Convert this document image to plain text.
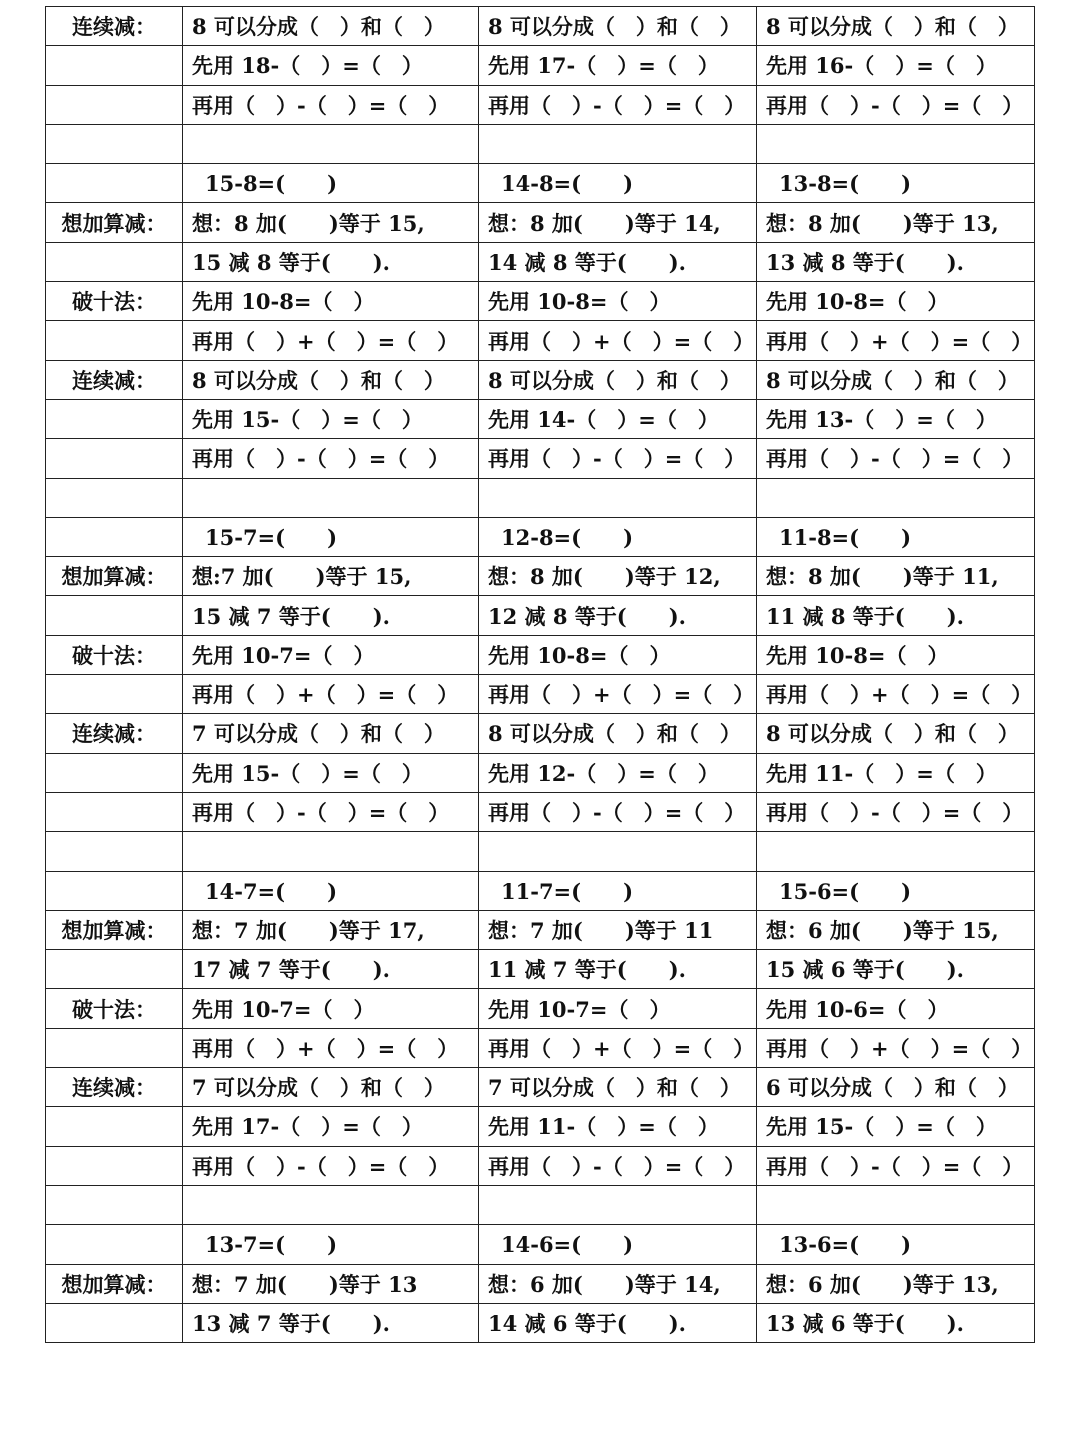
连续减：	8 可以分成（　）和（　）	8 可以分成（　）和（　）	8 可以分成（　）和（　）
	先用 18-（　）=（　）	先用 17-（　）=（　）	先用 16-（　）=（　）
	再用（　）-（　）=（　）	再用（　）-（　）=（　）	再用（　）-（　）=（　）

	15-8=(　　)	14-8=(　　)	13-8=(　　)
想加算减：	想：8 加(　　)等于 15,	想：8 加(　　)等于 14,	想：8 加(　　)等于 13,
	15 减 8 等于(　　).	14 减 8 等于(　　).	13 减 8 等于(　　).
破十法：	先用 10-8=（　）	先用 10-8=（　）	先用 10-8=（　）
	再用（　）+（　）=（　）	再用（　）+（　）=（　）	再用（　）+（　）=（　）
连续减：	8 可以分成（　）和（　）	8 可以分成（　）和（　）	8 可以分成（　）和（　）
	先用 15-（　）=（　）	先用 14-（　）=（　）	先用 13-（　）=（　）
	再用（　）-（　）=（　）	再用（　）-（　）=（　）	再用（　）-（　）=（　）

	15-7=(　　)	12-8=(　　)	11-8=(　　)
想加算减：	想:7 加(　　)等于 15,	想：8 加(　　)等于 12,	想：8 加(　　)等于 11,
	15 减 7 等于(　　).	12 减 8 等于(　　).	11 减 8 等于(　　).
破十法：	先用 10-7=（　）	先用 10-8=（　）	先用 10-8=（　）
	再用（　）+（　）=（　）	再用（　）+（　）=（　）	再用（　）+（　）=（　）
连续减：	7 可以分成（　）和（　）	8 可以分成（　）和（　）	8 可以分成（　）和（　）
	先用 15-（　）=（　）	先用 12-（　）=（　）	先用 11-（　）=（　）
	再用（　）-（　）=（　）	再用（　）-（　）=（　）	再用（　）-（　）=（　）

	14-7=(　　)	11-7=(　　)	15-6=(　　)
想加算减：	想：7 加(　　)等于 17,	想：7 加(　　)等于 11	想：6 加(　　)等于 15,
	17 减 7 等于(　　).	11 减 7 等于(　　).	15 减 6 等于(　　).
破十法：	先用 10-7=（　）	先用 10-7=（　）	先用 10-6=（　）
	再用（　）+（　）=（　）	再用（　）+（　）=（　）	再用（　）+（　）=（　）
连续减：	7 可以分成（　）和（　）	7 可以分成（　）和（　）	6 可以分成（　）和（　）
	先用 17-（　）=（　）	先用 11-（　）=（　）	先用 15-（　）=（　）
	再用（　）-（　）=（　）	再用（　）-（　）=（　）	再用（　）-（　）=（　）

	13-7=(　　)	14-6=(　　)	13-6=(　　)
想加算减：	想：7 加(　　)等于 13	想：6 加(　　)等于 14,	想：6 加(　　)等于 13,
	13 减 7 等于(　　).	14 减 6 等于(　　).	13 减 6 等于(　　).
